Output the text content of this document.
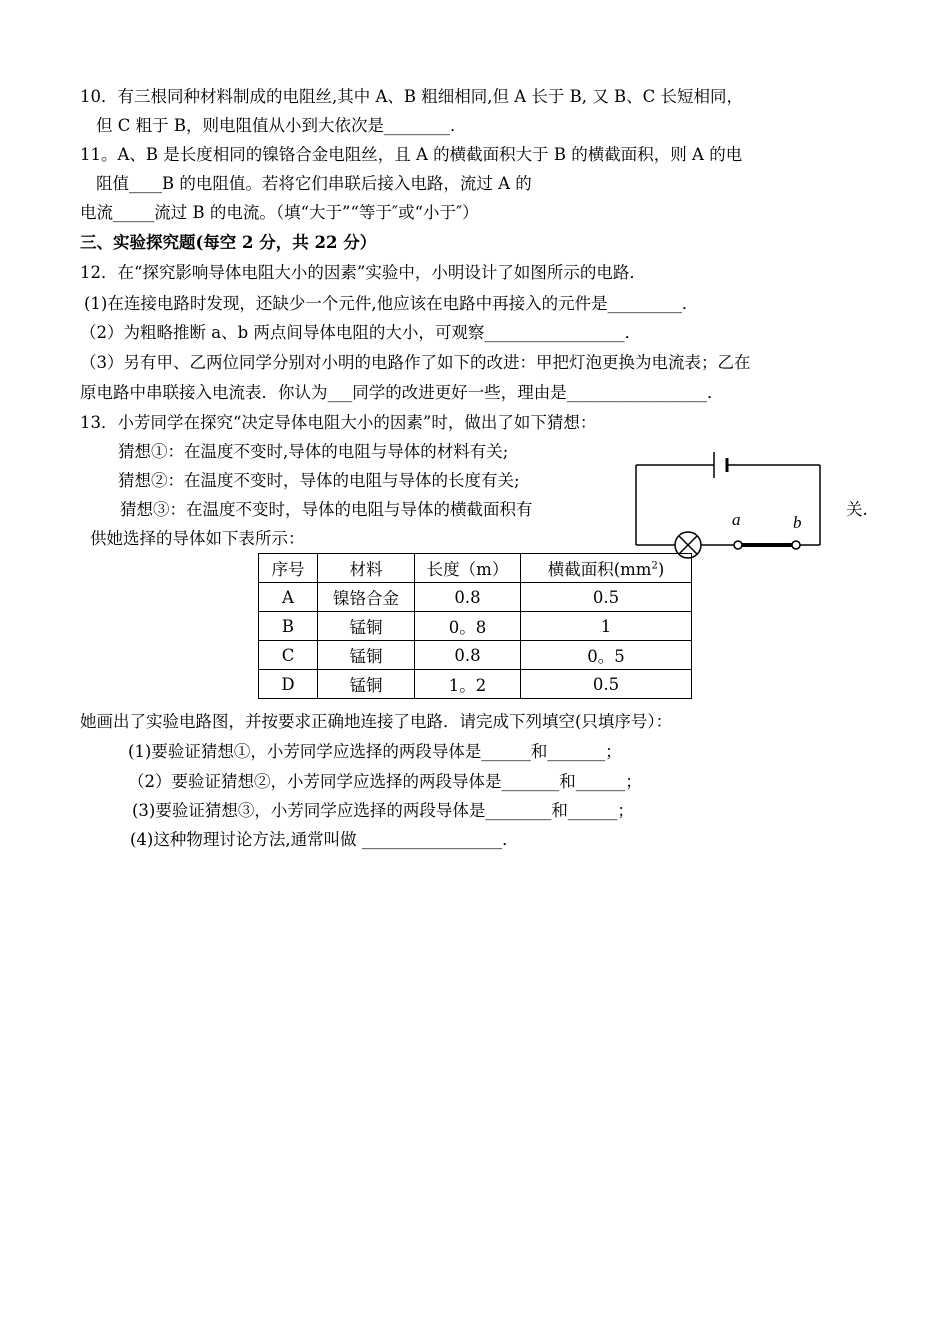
10．有三根同种材料制成的电阻丝,其中 A、B 粗细相同,但 A 长于 B, 又 B、C 长短相同，
但 C 粗于 B，则电阻值从小到大依次是________．
11。A、B 是长度相同的镍铬合金电阻丝，且 A 的横截面积大于 B 的横截面积，则 A 的电
阻值____B 的电阻值。若将它们串联后接入电路，流过 A 的
电流_____流过 B 的电流。（填“大于”“等于″或“小于″）
三、实验探究题(每空 2 分，共 22 分）
12．在“探究影响导体电阻大小的因素”实验中，小明设计了如图所示的电路．
(1)在连接电路时发现，还缺少一个元件,他应该在电路中再接入的元件是_________．
（2）为粗略推断 a、b 两点间导体电阻的大小，可观察_________________．
（3）另有甲、乙两位同学分别对小明的电路作了如下的改进：甲把灯泡更换为电流表；乙在
原电路中串联接入电流表．你认为___同学的改进更好一些，理由是_________________．
13．小芳同学在探究“决定导体电阻大小的因素”时，做出了如下猜想：
猜想①：在温度不变时,导体的电阻与导体的材料有关;
猜想②：在温度不变时，导体的电阻与导体的长度有关;
猜想③：在温度不变时，导体的电阻与导体的横截面积有	关.
供她选择的导体如下表所示：
a	b
序号	材料	长度（m）	横截面积$(mm^2)$
A	镍铬合金	0.8	0.5
B	锰铜	0。8	1
C	锰铜	0.8	0。5
D	锰铜	1。2	0.5
她画出了实验电路图，并按要求正确地连接了电路．请完成下列填空(只填序号）：
(1)要验证猜想①，小芳同学应选择的两段导体是______和_______；
（2）要验证猜想②，小芳同学应选择的两段导体是_______和______；
(3)要验证猜想③，小芳同学应选择的两段导体是________和______；
(4)这种物理讨论方法,通常叫做 _________________．
